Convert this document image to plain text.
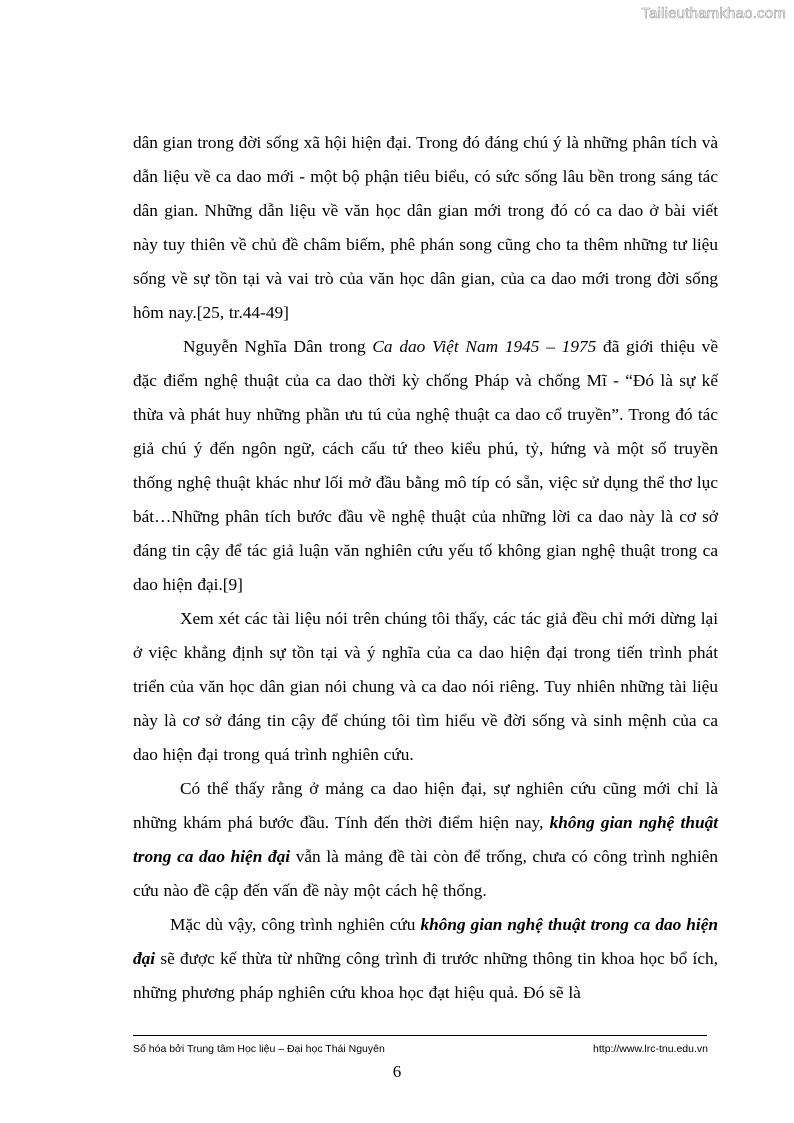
Tailieuthamkhao.com

dân gian trong đời sống xã hội hiện đại. Trong đó đáng chú ý là những phân tích và dẫn liệu về ca dao mới - một bộ phận tiêu biểu, có sức sống lâu bền trong sáng tác dân gian. Những dẫn liệu về văn học dân gian mới trong đó có ca dao ở bài viết này tuy thiên về chủ đề châm biếm, phê phán song cũng cho ta thêm những tư liệu sống về sự tồn tại và vai trò của văn học dân gian, của ca dao mới trong đời sống hôm nay.[25, tr.44-49]

Nguyễn Nghĩa Dân trong Ca dao Việt Nam 1945 – 1975 đã giới thiệu về đặc điểm nghệ thuật của ca dao thời kỳ chống Pháp và chống Mĩ - “Đó là sự kế thừa và phát huy những phần ưu tú của nghệ thuật ca dao cổ truyền”. Trong đó tác giả chú ý đến ngôn ngữ, cách cấu tứ theo kiểu phú, tỷ, hứng và một số truyền thống nghệ thuật khác như lối mở đầu bằng mô típ có sẵn, việc sử dụng thể thơ lục bát…Những phân tích bước đầu về nghệ thuật của những lời ca dao này là cơ sở đáng tin cậy để tác giả luận văn nghiên cứu yếu tố không gian nghệ thuật trong ca dao hiện đại.[9]

Xem xét các tài liệu nói trên chúng tôi thấy, các tác giả đều chỉ mới dừng lại ở việc khẳng định sự tồn tại và ý nghĩa của ca dao hiện đại trong tiến trình phát triển của văn học dân gian nói chung và ca dao nói riêng. Tuy nhiên những tài liệu này là cơ sở đáng tin cậy để chúng tôi tìm hiểu về đời sống và sinh mệnh của ca dao hiện đại trong quá trình nghiên cứu.

Có thể thấy rằng ở mảng ca dao hiện đại, sự nghiên cứu cũng mới chỉ là những khám phá bước đầu. Tính đến thời điểm hiện nay, không gian nghệ thuật trong ca dao hiện đại vẫn là mảng đề tài còn để trống, chưa có công trình nghiên cứu nào đề cập đến vấn đề này một cách hệ thống.

Mặc dù vậy, công trình nghiên cứu không gian nghệ thuật trong ca dao hiện đại sẽ được kế thừa từ những công trình đi trước những thông tin khoa học bổ ích, những phương pháp nghiên cứu khoa học đạt hiệu quả. Đó sẽ là

Số hóa bởi Trung tâm Học liệu – Đại học Thái Nguyên	http://www.lrc-tnu.edu.vn
6
